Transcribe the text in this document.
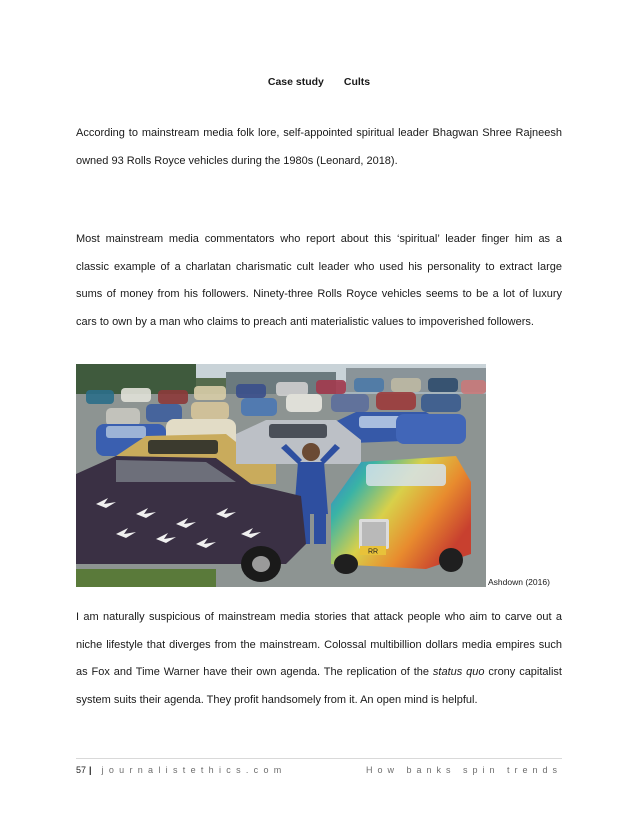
Case study Cults

According to mainstream media folk lore, self-appointed spiritual leader Bhagwan Shree Rajneesh owned 93 Rolls Royce vehicles during the 1980s (Leonard, 2018).

Most mainstream media commentators who report about this ‘spiritual’ leader finger him as a classic example of a charlatan charismatic cult leader who used his personality to extract large sums of money from his followers. Ninety-three Rolls Royce vehicles seems to be a lot of luxury cars to own by a man who claims to preach anti materialistic values to impoverished followers.

RR
Ashdown (2016)

I am naturally suspicious of mainstream media stories that attack people who aim to carve out a niche lifestyle that diverges from the mainstream. Colossal multibillion dollars media empires such as Fox and Time Warner have their own agenda. The replication of the status quo crony capitalist system suits their agenda. They profit handsomely from it. An open mind is helpful.

57 | journalistethics.com	How banks spin trends
